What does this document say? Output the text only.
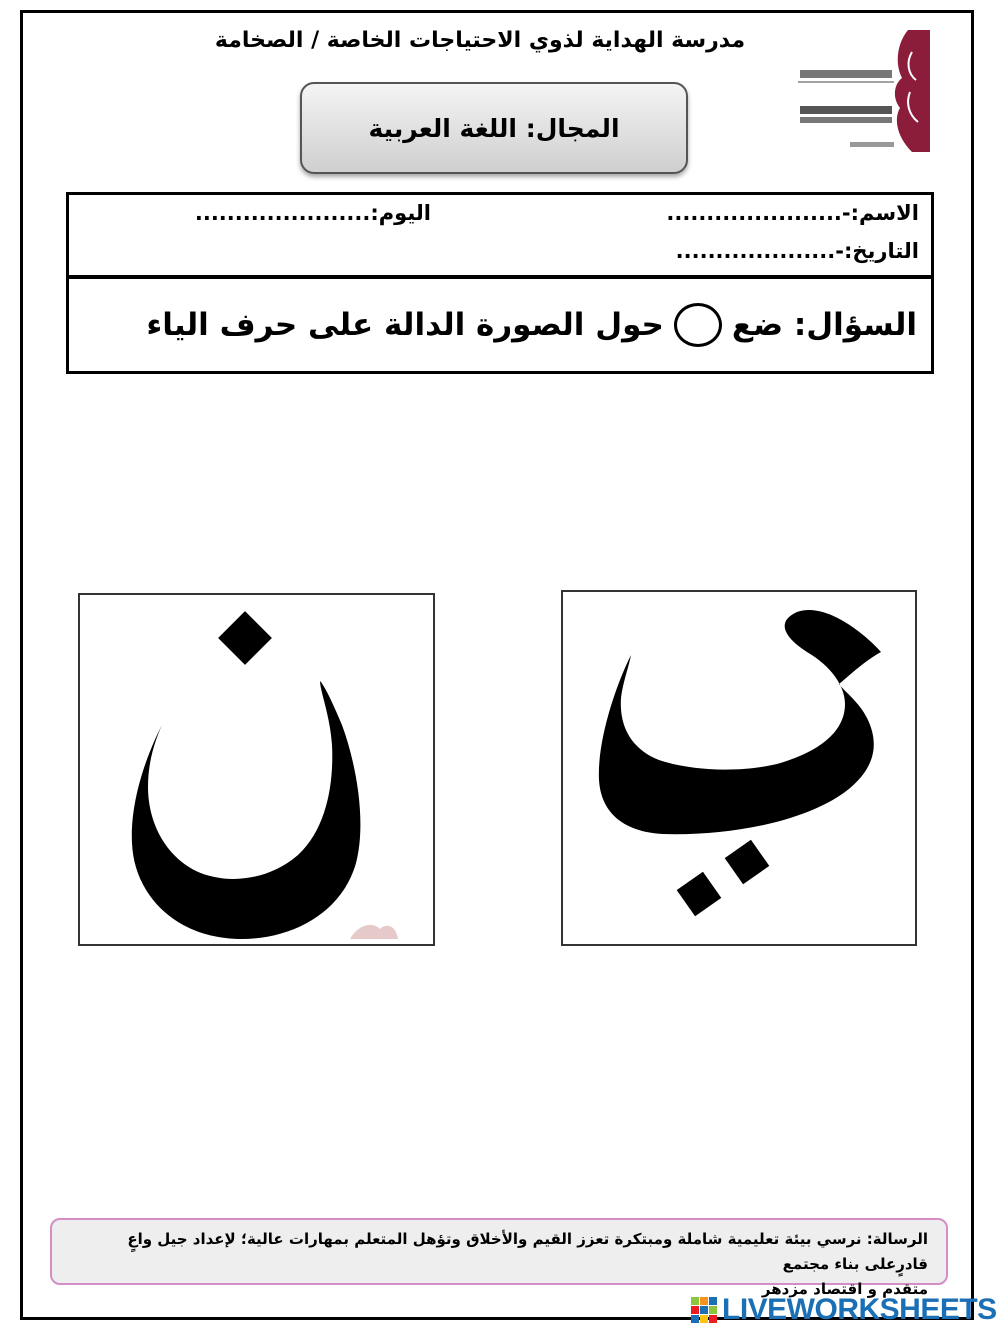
مدرسة الهداية لذوي الاحتياجات الخاصة / الصخامة
المجال: اللغة العربية
الاسم:-......................
اليوم:......................
التاريخ:-....................
السؤال: ضع
حول الصورة الدالة على حرف الياء
الرسالة: نرسي بيئة تعليمية شاملة ومبتكرة تعزز القيم والأخلاق وتؤهل المتعلم بمهارات عالية؛ لإعداد جيل واعٍ قادرٍعلى بناء مجتمع
متقدم و اقتصاد مزدهر
LIVEWORKSHEETS
